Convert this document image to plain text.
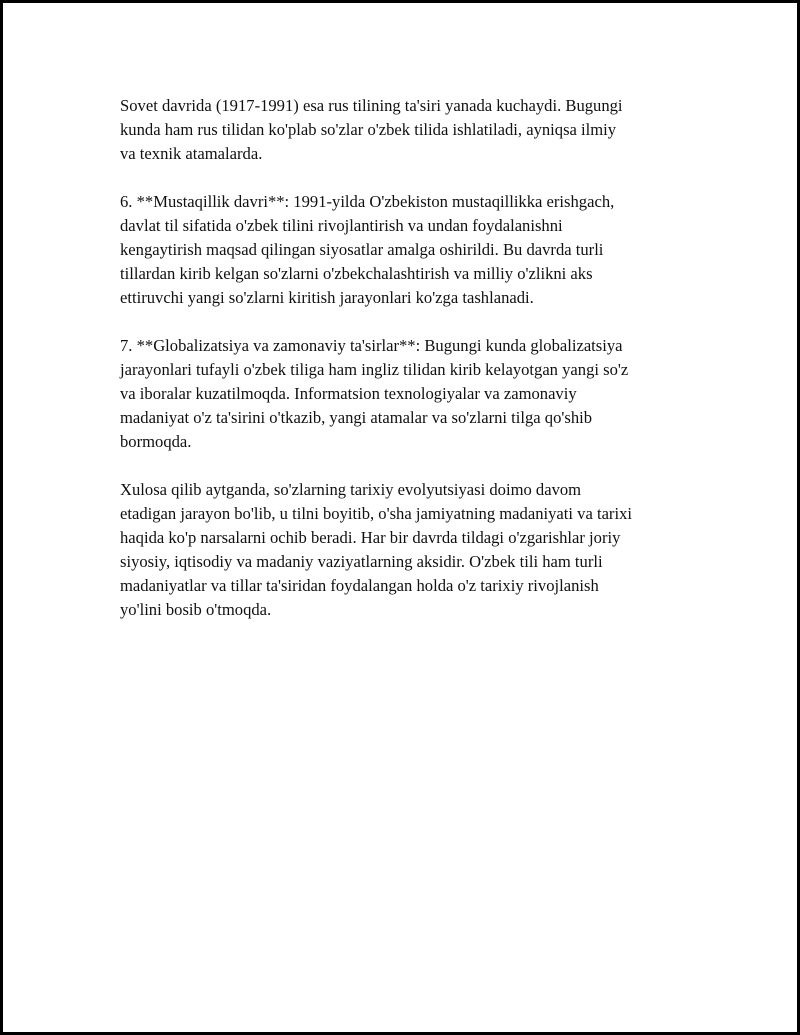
Sovet davrida (1917-1991) esa rus tilining ta'siri yanada kuchaydi. Bugungi
kunda ham rus tilidan ko'plab so'zlar o'zbek tilida ishlatiladi, ayniqsa ilmiy
va texnik atamalarda.

6. **Mustaqillik davri**: 1991-yilda O'zbekiston mustaqillikka erishgach,
davlat til sifatida o'zbek tilini rivojlantirish va undan foydalanishni
kengaytirish maqsad qilingan siyosatlar amalga oshirildi. Bu davrda turli
tillardan kirib kelgan so'zlarni o'zbekchalashtirish va milliy o'zlikni aks
ettiruvchi yangi so'zlarni kiritish jarayonlari ko'zga tashlanadi.

7. **Globalizatsiya va zamonaviy ta'sirlar**: Bugungi kunda globalizatsiya
jarayonlari tufayli o'zbek tiliga ham ingliz tilidan kirib kelayotgan yangi so'z
va iboralar kuzatilmoqda. Informatsion texnologiyalar va zamonaviy
madaniyat o'z ta'sirini o'tkazib, yangi atamalar va so'zlarni tilga qo'shib
bormoqda.

Xulosa qilib aytganda, so'zlarning tarixiy evolyutsiyasi doimo davom
etadigan jarayon bo'lib, u tilni boyitib, o'sha jamiyatning madaniyati va tarixi
haqida ko'p narsalarni ochib beradi. Har bir davrda tildagi o'zgarishlar joriy
siyosiy, iqtisodiy va madaniy vaziyatlarning aksidir. O'zbek tili ham turli
madaniyatlar va tillar ta'siridan foydalangan holda o'z tarixiy rivojlanish
yo'lini bosib o'tmoqda.
